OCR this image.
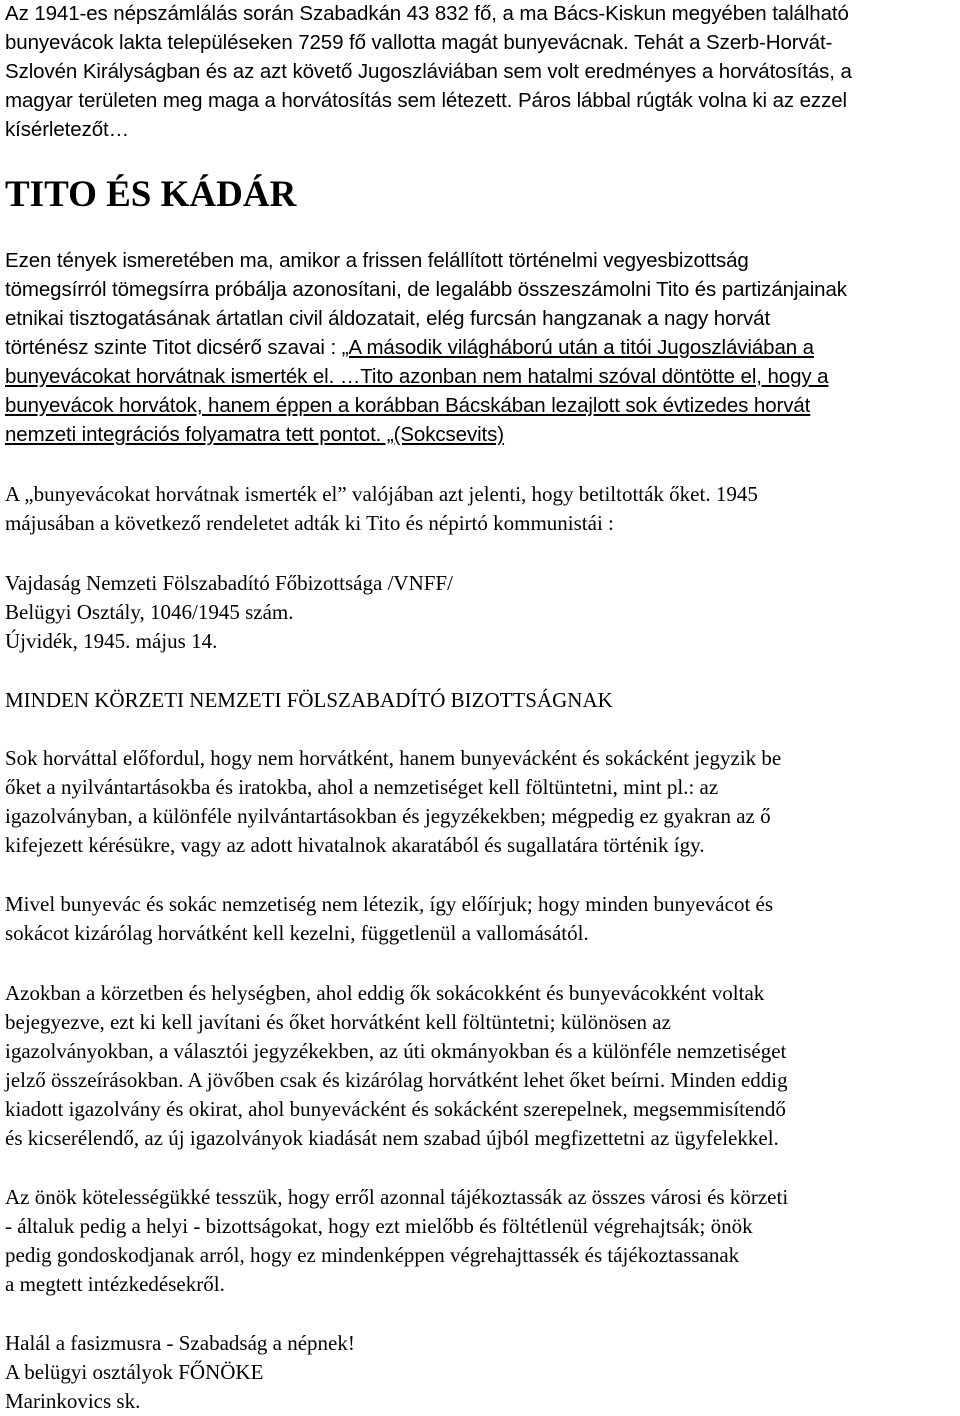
Az 1941-es népszámlálás során Szabadkán 43 832 fő, a ma Bács-Kiskun megyében található
bunyevácok lakta településeken 7259 fő vallotta magát bunyevácnak. Tehát a Szerb-Horvát-
Szlovén Királyságban és az azt követő Jugoszláviában sem volt eredményes a horvátosítás, a
magyar területen meg maga a horvátosítás sem létezett. Páros lábbal rúgták volna ki az ezzel
kísérletezőt…
TITO ÉS KÁDÁR
Ezen tények ismeretében ma, amikor a frissen felállított történelmi vegyesbizottság
tömegsírról tömegsírra próbálja azonosítani, de legalább összeszámolni Tito és partizánjainak
etnikai tisztogatásának ártatlan civil áldozatait, elég furcsán hangzanak a nagy horvát
történész szinte Titot dicsérő szavai : „A második világháború után a titói Jugoszláviában a
bunyevácokat horvátnak ismerték el. …Tito azonban nem hatalmi szóval döntötte el, hogy a
bunyevácok horvátok, hanem éppen a korábban Bácskában lezajlott sok évtizedes horvát
nemzeti integrációs folyamatra tett pontot. „(Sokcsevits)
A „bunyevácokat horvátnak ismerték el” valójában azt jelenti, hogy betiltották őket. 1945
májusában a következő rendeletet adták ki Tito és népirtó kommunistái :
Vajdaság Nemzeti Fölszabadító Főbizottsága /VNFF/
Belügyi Osztály, 1046/1945 szám.
Újvidék, 1945. május 14.
MINDEN KÖRZETI NEMZETI FÖLSZABADÍTÓ BIZOTTSÁGNAK
Sok horváttal előfordul, hogy nem horvátként, hanem bunyevácként és sokácként jegyzik be
őket a nyilvántartásokba és iratokba, ahol a nemzetiséget kell föltüntetni, mint pl.: az
igazolványban, a különféle nyilvántartásokban és jegyzékekben; mégpedig ez gyakran az ő
kifejezett kérésükre, vagy az adott hivatalnok akaratából és sugallatára történik így.
Mivel bunyevác és sokác nemzetiség nem létezik, így előírjuk; hogy minden bunyevácot és
sokácot kizárólag horvátként kell kezelni, függetlenül a vallomásától.
Azokban a körzetben és helységben, ahol eddig ők sokácokként és bunyevácokként voltak
bejegyezve, ezt ki kell javítani és őket horvátként kell föltüntetni; különösen az
igazolványokban, a választói jegyzékekben, az úti okmányokban és a különféle nemzetiséget
jelző összeírásokban. A jövőben csak és kizárólag horvátként lehet őket beírni. Minden eddig
kiadott igazolvány és okirat, ahol bunyevácként és sokácként szerepelnek, megsemmisítendő
és kicserélendő, az új igazolványok kiadását nem szabad újból megfizettetni az ügyfelekkel.
Az önök kötelességükké tesszük, hogy erről azonnal tájékoztassák az összes városi és körzeti
- általuk pedig a helyi - bizottságokat, hogy ezt mielőbb és föltétlenül végrehajtsák; önök
pedig gondoskodjanak arról, hogy ez mindenképpen végrehajttassék és tájékoztassanak
a megtett intézkedésekről.
Halál a fasizmusra - Szabadság a népnek!
A belügyi osztályok FŐNÖKE
Marinkovics sk.
